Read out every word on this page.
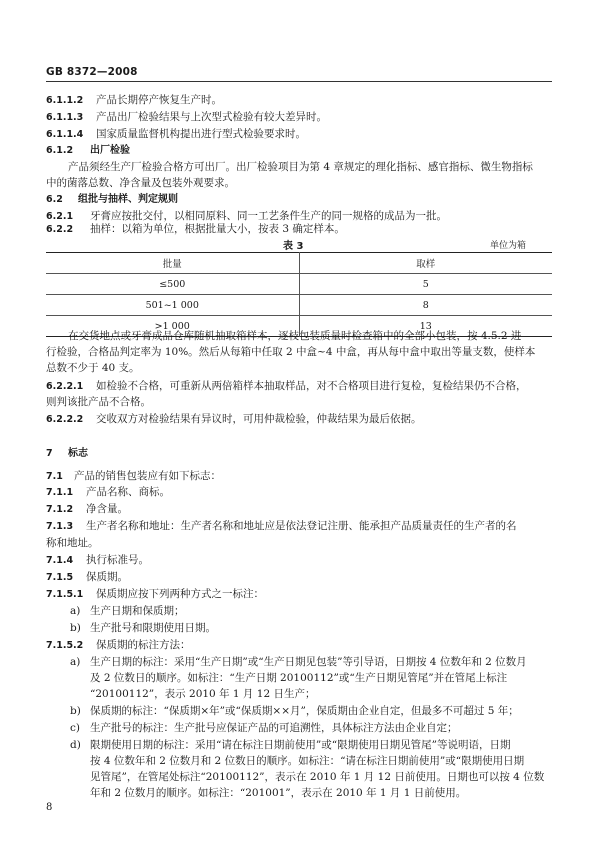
GB 8372—2008
6.1.1.2 产品长期停产恢复生产时。
6.1.1.3 产品出厂检验结果与上次型式检验有较大差异时。
6.1.1.4 国家质量监督机构提出进行型式检验要求时。
6.1.2 出厂检验
产品须经生产厂检验合格方可出厂。出厂检验项目为第 4 章规定的理化指标、感官指标、微生物指标
中的菌落总数、净含量及包装外观要求。
6.2 组批与抽样、判定规则
6.2.1 牙膏应按批交付，以相同原料、同一工艺条件生产的同一规格的成品为一批。
6.2.2 抽样：以箱为单位，根据批量大小，按表 3 确定样本。
表 3	单位为箱
批量	取样
≤500	5
501~1 000	8
>1 000	13
在交货地点或牙膏成品仓库随机抽取箱样本，逐枝包装质量时检查箱中的全部小包装，按 4.5.2 进
行检验，合格品判定率为 10%。然后从每箱中任取 2 中盒~4 中盒，再从每中盒中取出等量支数，使样本
总数不少于 40 支。
6.2.2.1 如检验不合格，可重新从两倍箱样本抽取样品，对不合格项目进行复检，复检结果仍不合格，
则判该批产品不合格。
6.2.2.2 交收双方对检验结果有异议时，可用仲裁检验，仲裁结果为最后依据。
7 标志
7.1 产品的销售包装应有如下标志：
7.1.1 产品名称、商标。
7.1.2 净含量。
7.1.3 生产者名称和地址：生产者名称和地址应是依法登记注册、能承担产品质量责任的生产者的名
称和地址。
7.1.4 执行标准号。
7.1.5 保质期。
7.1.5.1 保质期应按下列两种方式之一标注：
a) 生产日期和保质期；
b) 生产批号和限期使用日期。
7.1.5.2 保质期的标注方法：
a) 生产日期的标注：采用“生产日期”或“生产日期见包装”等引导语，日期按 4 位数年和 2 位数月
及 2 位数日的顺序。如标注：“生产日期 20100112”或“生产日期见管尾”并在管尾上标注
“20100112”，表示 2010 年 1 月 12 日生产；
b) 保质期的标注：“保质期×年”或“保质期××月”，保质期由企业自定，但最多不可超过 5 年；
c) 生产批号的标注：生产批号应保证产品的可追溯性，具体标注方法由企业自定；
d) 限期使用日期的标注：采用“请在标注日期前使用”或“限期使用日期见管尾”等说明语，日期
按 4 位数年和 2 位数月和 2 位数日的顺序。如标注：“请在标注日期前使用”或“限期使用日期
见管尾”，在管尾处标注“20100112”，表示在 2010 年 1 月 12 日前使用。日期也可以按 4 位数
年和 2 位数月的顺序。如标注：“201001”，表示在 2010 年 1 月 1 日前使用。
8
